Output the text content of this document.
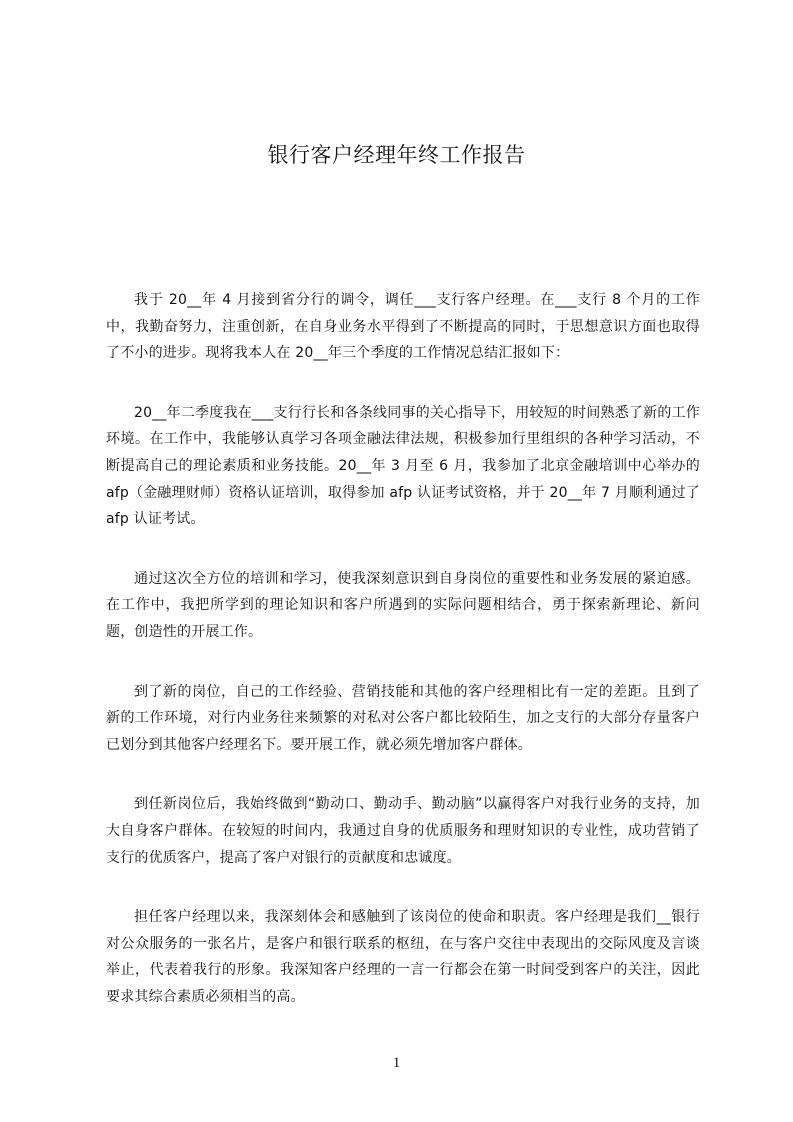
银行客户经理年终工作报告

我于 20__年 4 月接到省分行的调令，调任___支行客户经理。在___支行 8 个月的工作中，我勤奋努力，注重创新，在自身业务水平得到了不断提高的同时，于思想意识方面也取得了不小的进步。现将我本人在 20__年三个季度的工作情况总结汇报如下：

20__年二季度我在___支行行长和各条线同事的关心指导下，用较短的时间熟悉了新的工作环境。在工作中，我能够认真学习各项金融法律法规，积极参加行里组织的各种学习活动，不断提高自己的理论素质和业务技能。20__年 3 月至 6 月，我参加了北京金融培训中心举办的 afp（金融理财师）资格认证培训，取得参加 afp 认证考试资格，并于 20__年 7 月顺利通过了 afp 认证考试。

通过这次全方位的培训和学习，使我深刻意识到自身岗位的重要性和业务发展的紧迫感。在工作中，我把所学到的理论知识和客户所遇到的实际问题相结合，勇于探索新理论、新问题，创造性的开展工作。

到了新的岗位，自己的工作经验、营销技能和其他的客户经理相比有一定的差距。且到了新的工作环境，对行内业务往来频繁的对私对公客户都比较陌生，加之支行的大部分存量客户已划分到其他客户经理名下。要开展工作，就必须先增加客户群体。

到任新岗位后，我始终做到“勤动口、勤动手、勤动脑”以赢得客户对我行业务的支持，加大自身客户群体。在较短的时间内，我通过自身的优质服务和理财知识的专业性，成功营销了支行的优质客户，提高了客户对银行的贡献度和忠诚度。

担任客户经理以来，我深刻体会和感触到了该岗位的使命和职责。客户经理是我们__银行对公众服务的一张名片，是客户和银行联系的枢纽，在与客户交往中表现出的交际风度及言谈举止，代表着我行的形象。我深知客户经理的一言一行都会在第一时间受到客户的关注，因此要求其综合素质必须相当的高。

1
